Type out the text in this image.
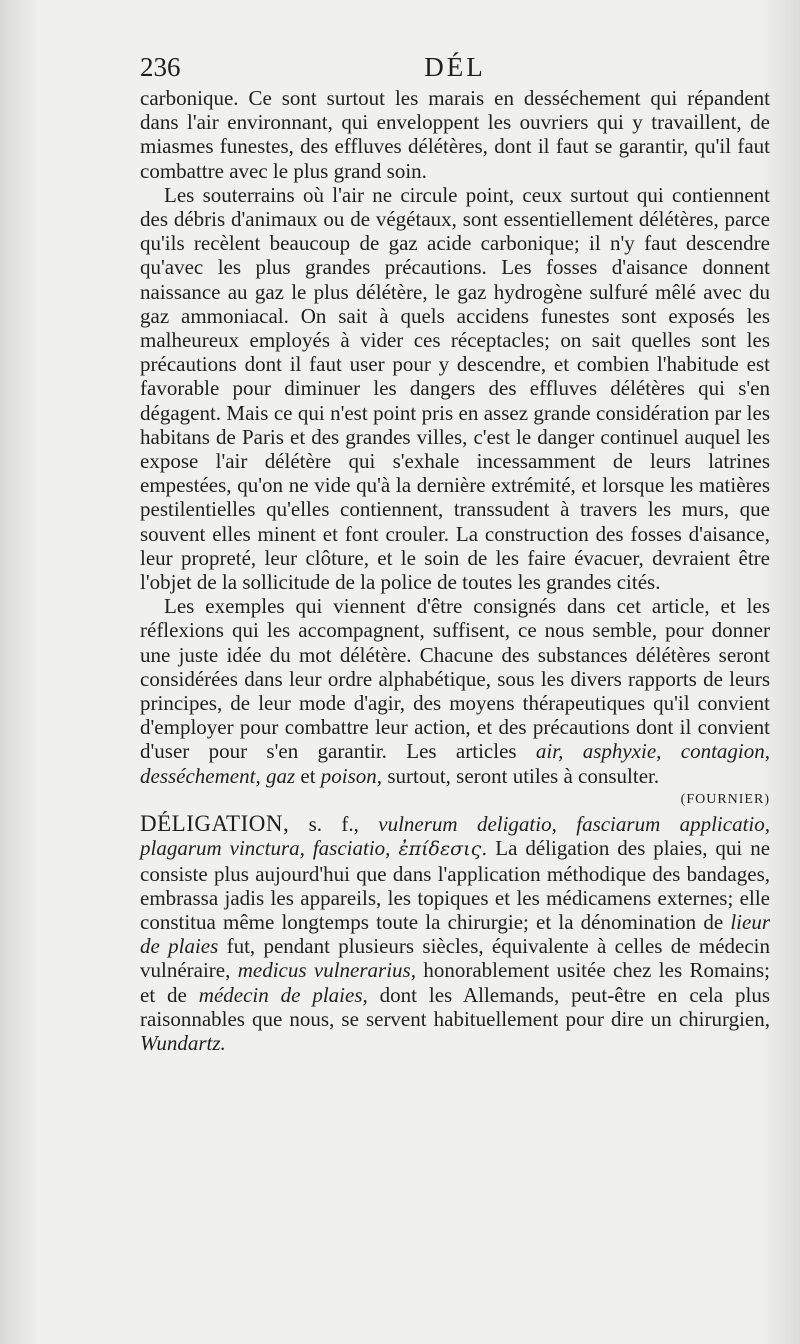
236	DÉL

carbonique. Ce sont surtout les marais en desséchement qui répandent dans l'air environnant, qui enveloppent les ouvriers qui y travaillent, de miasmes funestes, des effluves délétères, dont il faut se garantir, qu'il faut combattre avec le plus grand soin.

Les souterrains où l'air ne circule point, ceux surtout qui contiennent des débris d'animaux ou de végétaux, sont essentiellement délétères, parce qu'ils recèlent beaucoup de gaz acide carbonique; il n'y faut descendre qu'avec les plus grandes précautions. Les fosses d'aisance donnent naissance au gaz le plus délétère, le gaz hydrogène sulfuré mêlé avec du gaz ammoniacal. On sait à quels accidens funestes sont exposés les malheureux employés à vider ces réceptacles; on sait quelles sont les précautions dont il faut user pour y descendre, et combien l'habitude est favorable pour diminuer les dangers des effluves délétères qui s'en dégagent. Mais ce qui n'est point pris en assez grande considération par les habitans de Paris et des grandes villes, c'est le danger continuel auquel les expose l'air délétère qui s'exhale incessamment de leurs latrines empestées, qu'on ne vide qu'à la dernière extrémité, et lorsque les matières pestilentielles qu'elles contiennent, transsudent à travers les murs, que souvent elles minent et font crouler. La construction des fosses d'aisance, leur propreté, leur clôture, et le soin de les faire évacuer, devraient être l'objet de la sollicitude de la police de toutes les grandes cités.

Les exemples qui viennent d'être consignés dans cet article, et les réflexions qui les accompagnent, suffisent, ce nous semble, pour donner une juste idée du mot délétère. Chacune des substances délétères seront considérées dans leur ordre alphabétique, sous les divers rapports de leurs principes, de leur mode d'agir, des moyens thérapeutiques qu'il convient d'employer pour combattre leur action, et des précautions dont il convient d'user pour s'en garantir. Les articles air, asphyxie, contagion, desséchement, gaz et poison, surtout, seront utiles à consulter.
(FOURNIER)

DÉLIGATION, s. f., vulnerum deligatio, fasciarum applicatio, plagarum vinctura, fasciatio, ἐπίδεσις. La déligation des plaies, qui ne consiste plus aujourd'hui que dans l'application méthodique des bandages, embrassa jadis les appareils, les topiques et les médicamens externes; elle constitua même longtemps toute la chirurgie; et la dénomination de lieur de plaies fut, pendant plusieurs siècles, équivalente à celles de médecin vulnéraire, medicus vulnerarius, honorablement usitée chez les Romains; et de médecin de plaies, dont les Allemands, peut-être en cela plus raisonnables que nous, se servent habituellement pour dire un chirurgien, Wundartz.
